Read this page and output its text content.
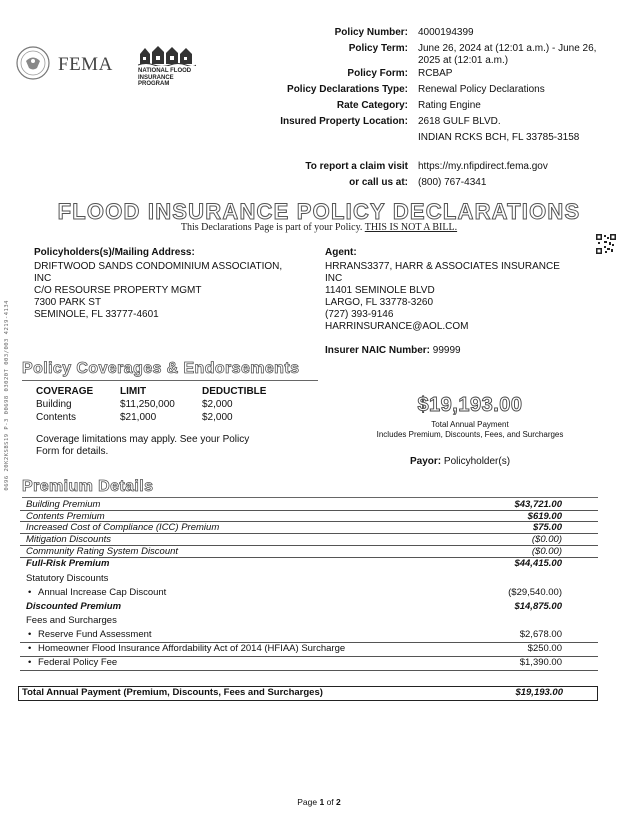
FEMA	NATIONAL FLOOD INSURANCE PROGRAM
Policy Number: 4000194399
Policy Term: June 26, 2024 at (12:01 a.m.) - June 26,
2025 at (12:01 a.m.)
Policy Form: RCBAP
Policy Declarations Type: Renewal Policy Declarations
Rate Category: Rating Engine
Insured Property Location: 2618 GULF BLVD.
INDIAN RCKS BCH, FL 33785-3158
To report a claim visit https://my.nfipdirect.fema.gov
or call us at: (800) 767-4341
FLOOD INSURANCE POLICY DECLARATIONS
This Declarations Page is part of your Policy. THIS IS NOT A BILL.
Policyholders(s)/Mailing Address:
DRIFTWOOD SANDS CONDOMINIUM ASSOCIATION,
INC
C/O RESOURSE PROPERTY MGMT
7300 PARK ST
SEMINOLE, FL 33777-4601
Agent:
HRRANS3377, HARR & ASSOCIATES INSURANCE
INC
11401 SEMINOLE BLVD
LARGO, FL 33778-3260
(727) 393-9146
HARRINSURANCE@AOL.COM
Insurer NAIC Number: 99999
0696 20K2KSBS19 P-3 00698 03020T 003/003 4219-4134 Policy Coverages & Endorsements
COVERAGE	LIMIT	DEDUCTIBLE
Building	$11,250,000	$2,000
Contents	$21,000	$2,000
Coverage limitations may apply. See your Policy
Form for details.
$19,193.00
Total Annual Payment
Includes Premium, Discounts, Fees, and Surcharges
Payor: Policyholder(s)
Premium Details
Building Premium	$43,721.00
Contents Premium	$619.00
Increased Cost of Compliance (ICC) Premium	$75.00
Mitigation Discounts	($0.00)
Community Rating System Discount	($0.00)
Full-Risk Premium	$44,415.00
Statutory Discounts
• Annual Increase Cap Discount	($29,540.00)
Discounted Premium	$14,875.00
Fees and Surcharges
• Reserve Fund Assessment	$2,678.00
• Homeowner Flood Insurance Affordability Act of 2014 (HFIAA) Surcharge	$250.00
• Federal Policy Fee	$1,390.00
Total Annual Payment (Premium, Discounts, Fees and Surcharges)	$19,193.00
Page 1 of 2
